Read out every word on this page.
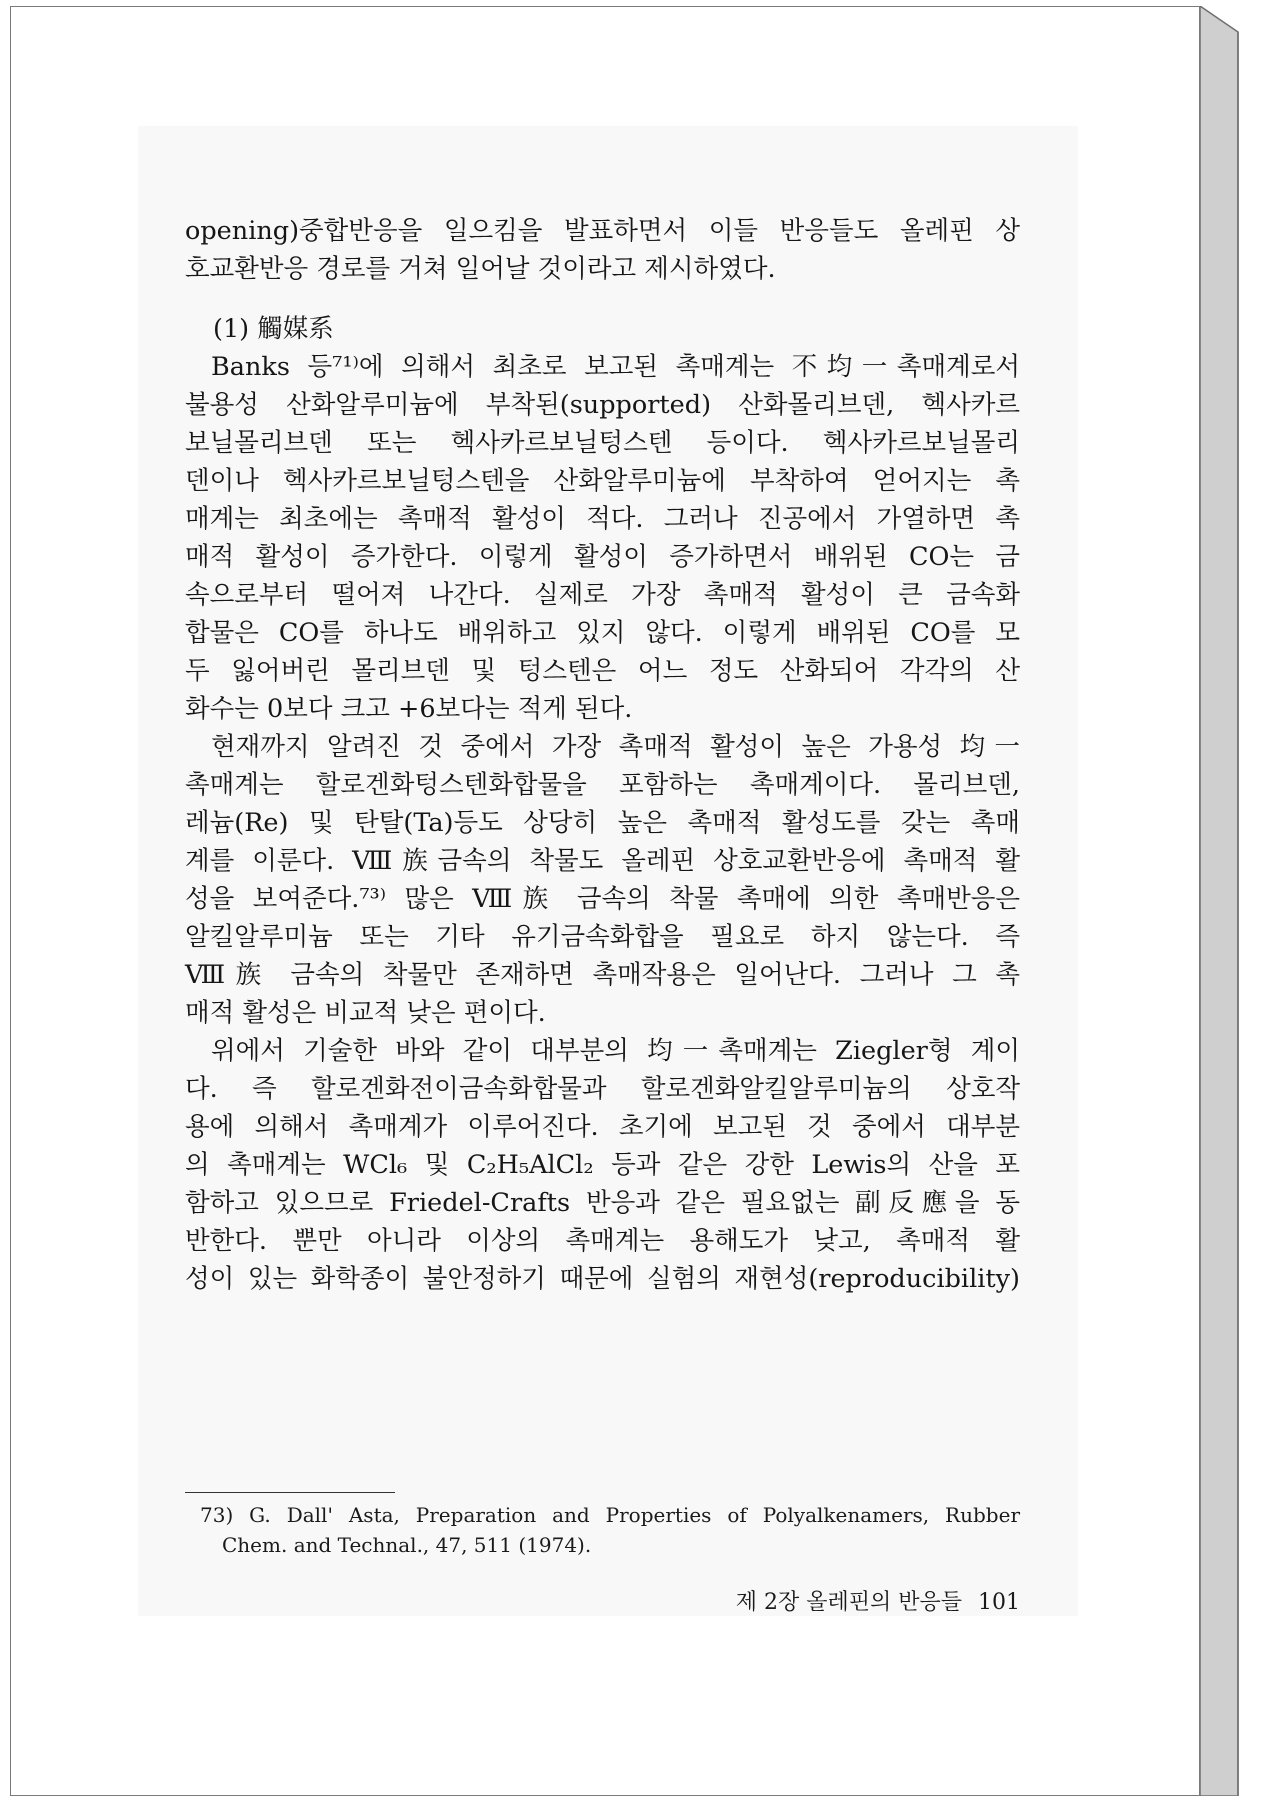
opening)중합반응을 일으킴을 발표하면서 이들 반응들도 올레핀 상
호교환반응 경로를 거쳐 일어날 것이라고 제시하였다.
(1) 觸媒系
Banks 등⁷¹⁾에 의해서 최초로 보고된 촉매계는 不均一촉매계로서
불용성 산화알루미늄에 부착된(supported) 산화몰리브덴, 헥사카르
보닐몰리브덴 또는 헥사카르보닐텅스텐 등이다. 헥사카르보닐몰리
덴이나 헥사카르보닐텅스텐을 산화알루미늄에 부착하여 얻어지는 촉
매계는 최초에는 촉매적 활성이 적다. 그러나 진공에서 가열하면 촉
매적 활성이 증가한다. 이렇게 활성이 증가하면서 배위된 CO는 금
속으로부터 떨어져 나간다. 실제로 가장 촉매적 활성이 큰 금속화
합물은 CO를 하나도 배위하고 있지 않다. 이렇게 배위된 CO를 모
두 잃어버린 몰리브덴 및 텅스텐은 어느 정도 산화되어 각각의 산
화수는 0보다 크고 +6보다는 적게 된다.
현재까지 알려진 것 중에서 가장 촉매적 활성이 높은 가용성 均一
촉매계는 할로겐화텅스텐화합물을 포함하는 촉매계이다. 몰리브덴,
레늄(Re) 및 탄탈(Ta)등도 상당히 높은 촉매적 활성도를 갖는 촉매
계를 이룬다. Ⅷ族금속의 착물도 올레핀 상호교환반응에 촉매적 활
성을 보여준다.⁷³⁾ 많은 Ⅷ族 금속의 착물 촉매에 의한 촉매반응은
알킬알루미늄 또는 기타 유기금속화합을 필요로 하지 않는다. 즉
Ⅷ族 금속의 착물만 존재하면 촉매작용은 일어난다. 그러나 그 촉
매적 활성은 비교적 낮은 편이다.
위에서 기술한 바와 같이 대부분의 均一촉매계는 Ziegler형 계이
다. 즉 할로겐화전이금속화합물과 할로겐화알킬알루미늄의 상호작
용에 의해서 촉매계가 이루어진다. 초기에 보고된 것 중에서 대부분
의 촉매계는 WCl₆ 및 C₂H₅AlCl₂ 등과 같은 강한 Lewis의 산을 포
함하고 있으므로 Friedel-Crafts 반응과 같은 필요없는 副反應을 동
반한다. 뿐만 아니라 이상의 촉매계는 용해도가 낮고, 촉매적 활
성이 있는 화학종이 불안정하기 때문에 실험의 재현성(reproducibility)
73) G. Dall' Asta, Preparation and Properties of Polyalkenamers, Rubber
Chem. and Technal., 47, 511 (1974).
제 2장 올레핀의 반응들 101
